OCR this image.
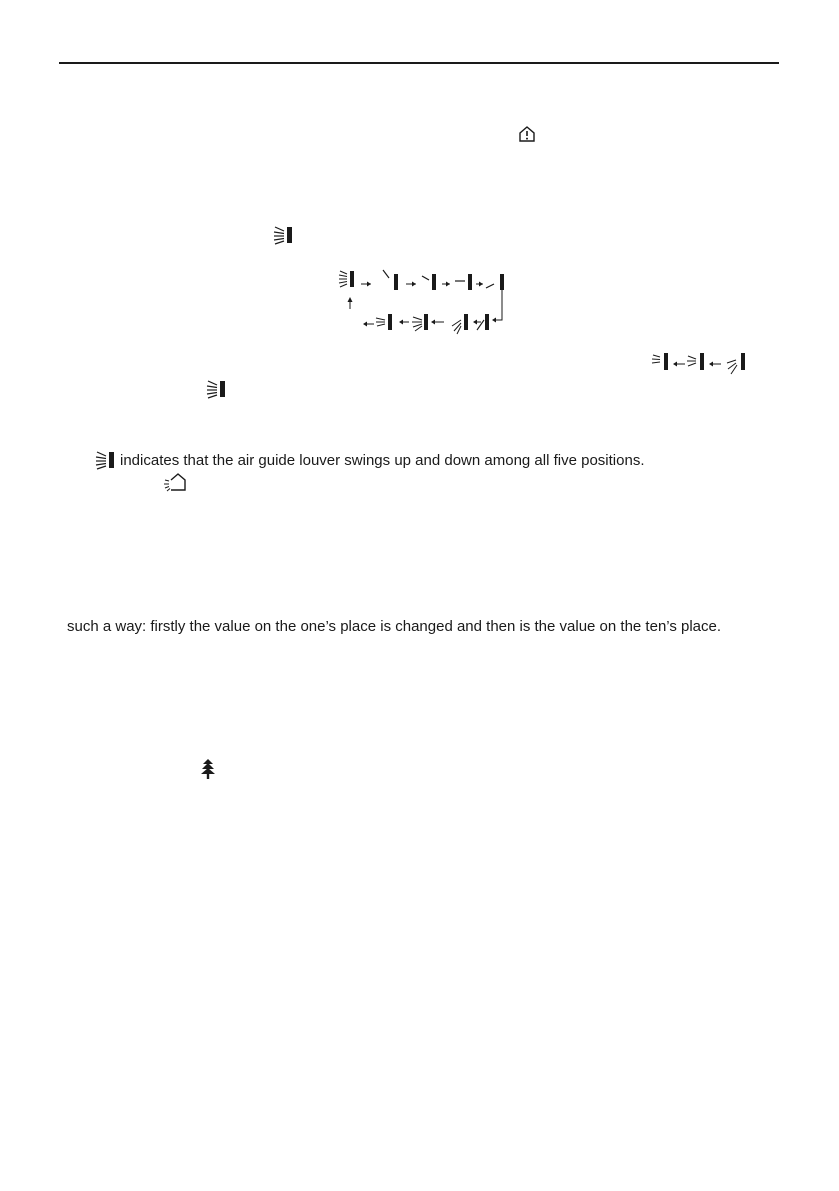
indicates that the air guide louver swings up and down among all five positions.

such a way: firstly the value on the one’s place is changed and then is the value on the ten’s place.
